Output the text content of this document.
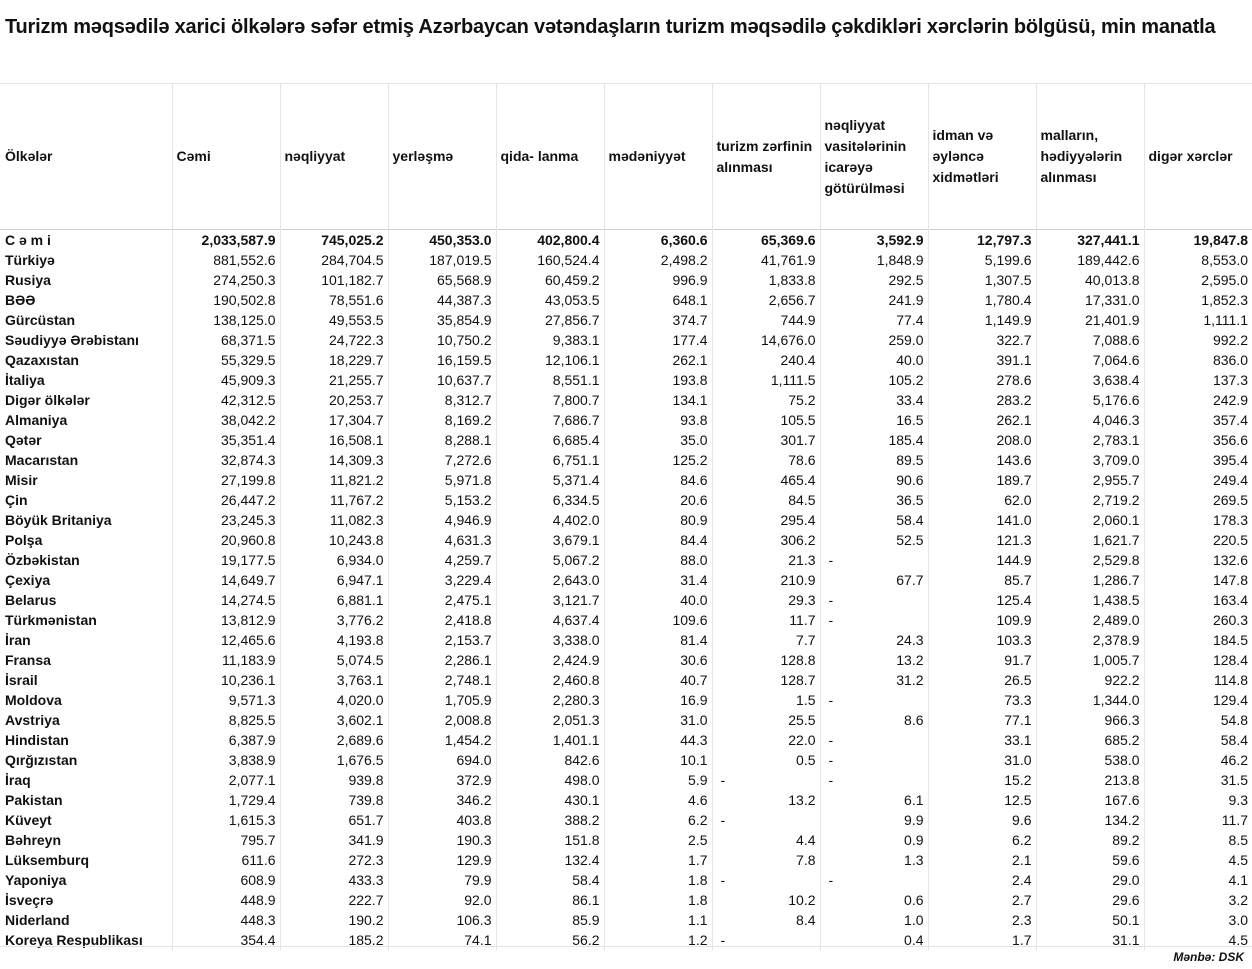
Turizm məqsədilə xarici ölkələrə səfər etmiş Azərbaycan vətəndaşların turizm məqsədilə çəkdikləri xərclərin bölgüsü, min manatla
Ölkələr	Cəmi	nəqliyyat	yerləşmə	qida- lanma	mədəniyyət	turizm zərfinin alınması	nəqliyyat vasitələrinin icarəyə götürülməsi	idman və əyləncə xidmətləri	malların, hədiyyələrin alınması	digər xərclər
C ə m i	2,033,587.9	745,025.2	450,353.0	402,800.4	6,360.6	65,369.6	3,592.9	12,797.3	327,441.1	19,847.8
Türkiyə	881,552.6	284,704.5	187,019.5	160,524.4	2,498.2	41,761.9	1,848.9	5,199.6	189,442.6	8,553.0
Rusiya	274,250.3	101,182.7	65,568.9	60,459.2	996.9	1,833.8	292.5	1,307.5	40,013.8	2,595.0
BƏƏ	190,502.8	78,551.6	44,387.3	43,053.5	648.1	2,656.7	241.9	1,780.4	17,331.0	1,852.3
Gürcüstan	138,125.0	49,553.5	35,854.9	27,856.7	374.7	744.9	77.4	1,149.9	21,401.9	1,111.1
Səudiyyə Ərəbistanı	68,371.5	24,722.3	10,750.2	9,383.1	177.4	14,676.0	259.0	322.7	7,088.6	992.2
Qazaxıstan	55,329.5	18,229.7	16,159.5	12,106.1	262.1	240.4	40.0	391.1	7,064.6	836.0
İtaliya	45,909.3	21,255.7	10,637.7	8,551.1	193.8	1,111.5	105.2	278.6	3,638.4	137.3
Digər ölkələr	42,312.5	20,253.7	8,312.7	7,800.7	134.1	75.2	33.4	283.2	5,176.6	242.9
Almaniya	38,042.2	17,304.7	8,169.2	7,686.7	93.8	105.5	16.5	262.1	4,046.3	357.4
Qətər	35,351.4	16,508.1	8,288.1	6,685.4	35.0	301.7	185.4	208.0	2,783.1	356.6
Macarıstan	32,874.3	14,309.3	7,272.6	6,751.1	125.2	78.6	89.5	143.6	3,709.0	395.4
Misir	27,199.8	11,821.2	5,971.8	5,371.4	84.6	465.4	90.6	189.7	2,955.7	249.4
Çin	26,447.2	11,767.2	5,153.2	6,334.5	20.6	84.5	36.5	62.0	2,719.2	269.5
Böyük Britaniya	23,245.3	11,082.3	4,946.9	4,402.0	80.9	295.4	58.4	141.0	2,060.1	178.3
Polşa	20,960.8	10,243.8	4,631.3	3,679.1	84.4	306.2	52.5	121.3	1,621.7	220.5
Özbəkistan	19,177.5	6,934.0	4,259.7	5,067.2	88.0	21.3	-	144.9	2,529.8	132.6
Çexiya	14,649.7	6,947.1	3,229.4	2,643.0	31.4	210.9	67.7	85.7	1,286.7	147.8
Belarus	14,274.5	6,881.1	2,475.1	3,121.7	40.0	29.3	-	125.4	1,438.5	163.4
Türkmənistan	13,812.9	3,776.2	2,418.8	4,637.4	109.6	11.7	-	109.9	2,489.0	260.3
İran	12,465.6	4,193.8	2,153.7	3,338.0	81.4	7.7	24.3	103.3	2,378.9	184.5
Fransa	11,183.9	5,074.5	2,286.1	2,424.9	30.6	128.8	13.2	91.7	1,005.7	128.4
İsrail	10,236.1	3,763.1	2,748.1	2,460.8	40.7	128.7	31.2	26.5	922.2	114.8
Moldova	9,571.3	4,020.0	1,705.9	2,280.3	16.9	1.5	-	73.3	1,344.0	129.4
Avstriya	8,825.5	3,602.1	2,008.8	2,051.3	31.0	25.5	8.6	77.1	966.3	54.8
Hindistan	6,387.9	2,689.6	1,454.2	1,401.1	44.3	22.0	-	33.1	685.2	58.4
Qırğızıstan	3,838.9	1,676.5	694.0	842.6	10.1	0.5	-	31.0	538.0	46.2
İraq	2,077.1	939.8	372.9	498.0	5.9	-	-	15.2	213.8	31.5
Pakistan	1,729.4	739.8	346.2	430.1	4.6	13.2	6.1	12.5	167.6	9.3
Küveyt	1,615.3	651.7	403.8	388.2	6.2	-	9.9	9.6	134.2	11.7
Bəhreyn	795.7	341.9	190.3	151.8	2.5	4.4	0.9	6.2	89.2	8.5
Lüksemburq	611.6	272.3	129.9	132.4	1.7	7.8	1.3	2.1	59.6	4.5
Yaponiya	608.9	433.3	79.9	58.4	1.8	-	-	2.4	29.0	4.1
İsveçrə	448.9	222.7	92.0	86.1	1.8	10.2	0.6	2.7	29.6	3.2
Niderland	448.3	190.2	106.3	85.9	1.1	8.4	1.0	2.3	50.1	3.0
Koreya Respublikası	354.4	185.2	74.1	56.2	1.2	-	0.4	1.7	31.1	4.5
Mənbə: DSK
